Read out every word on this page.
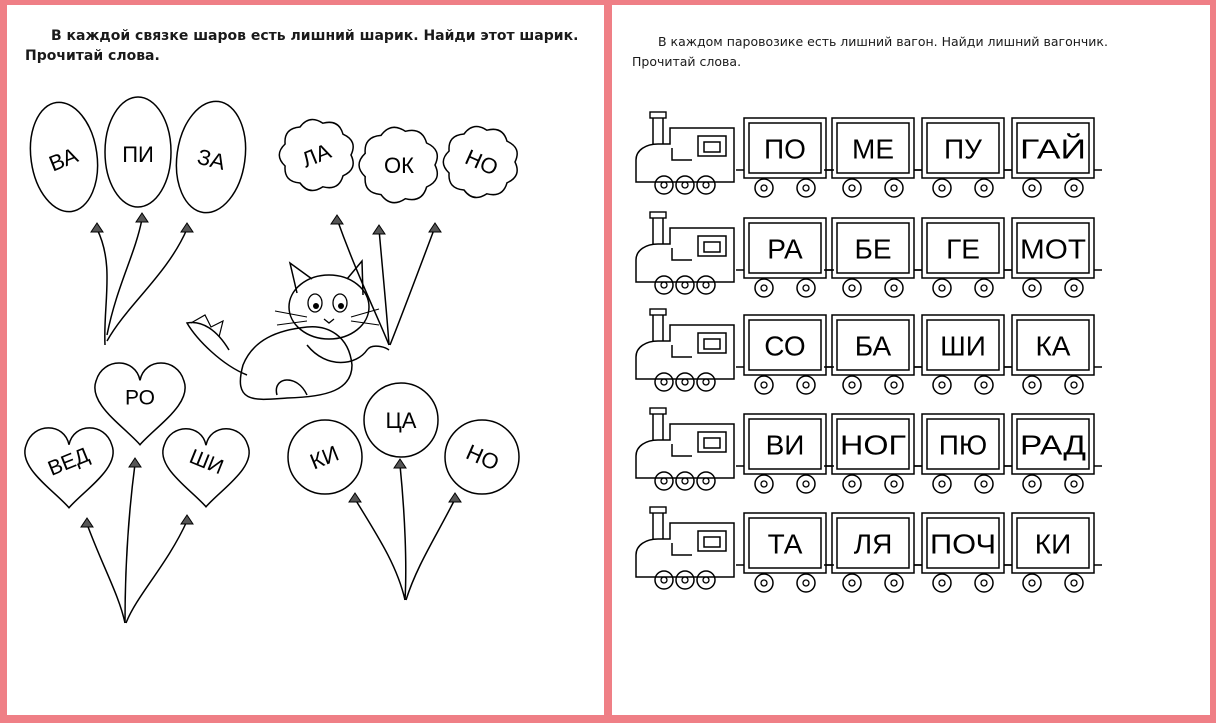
В каждой связке шаров есть лишний шарик. Найди этот шарик.
Прочитай слова.
ВА ПИ ЗА	ЛА ОК НО
ВЕД
РО
ШИ	КИ
ЦА
НО
В каждом паровозике есть лишний вагон. Найди лишний вагончик.
Прочитай слова.
ПО МЕ ПУ ГАЙ
РА БЕ ГЕ МОТ
СО БА ШИ КА
ВИ НОГ ПЮ РАД
ТА ЛЯ ПОЧ КИ
